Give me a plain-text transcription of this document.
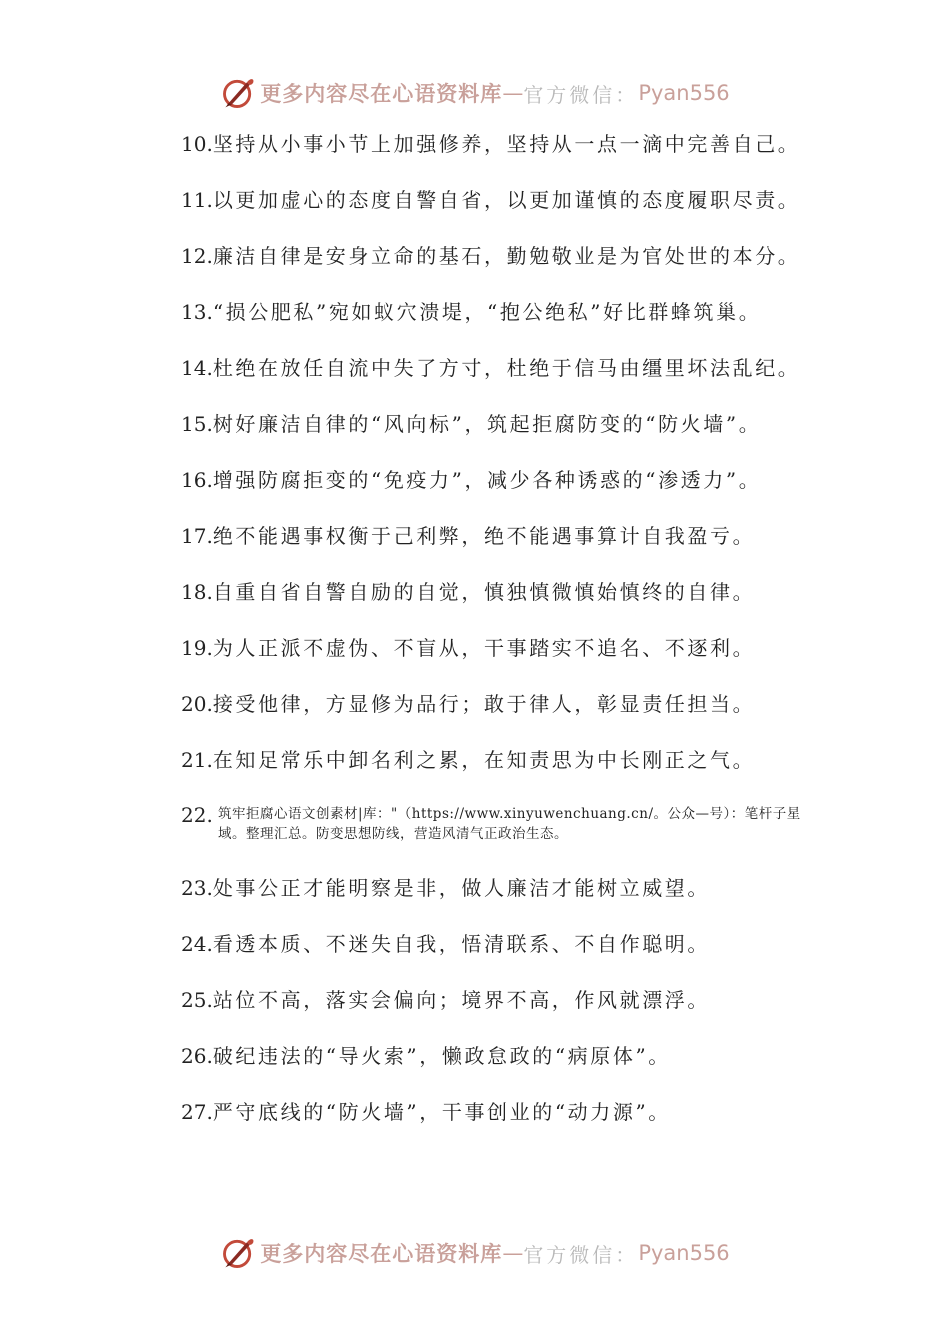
更多内容尽在心语资料库 — 官方微信： Pyan556
10.坚持从小事小节上加强修养，坚持从一点一滴中完善自己。
11.以更加虚心的态度自警自省，以更加谨慎的态度履职尽责。
12.廉洁自律是安身立命的基石，勤勉敬业是为官处世的本分。
13.“损公肥私”宛如蚁穴溃堤，“抱公绝私”好比群蜂筑巢。
14.杜绝在放任自流中失了方寸，杜绝于信马由缰里坏法乱纪。
15.树好廉洁自律的“风向标”，筑起拒腐防变的“防火墙”。
16.增强防腐拒变的“免疫力”，减少各种诱惑的“渗透力”。
17.绝不能遇事权衡于己利弊，绝不能遇事算计自我盈亏。
18.自重自省自警自励的自觉，慎独慎微慎始慎终的自律。
19.为人正派不虚伪、不盲从，干事踏实不追名、不逐利。
20.接受他律，方显修为品行；敢于律人，彰显责任担当。
21.在知足常乐中卸名利之累，在知责思为中长刚正之气。
22. 筑牢拒腐心语文创素材|库："（https://www.xinyuwenchuang.cn/。公众—号）：笔杆子星域。整理汇总。防变思想防线，营造风清气正政治生态。
23.处事公正才能明察是非，做人廉洁才能树立威望。
24.看透本质、不迷失自我，悟清联系、不自作聪明。
25.站位不高，落实会偏向；境界不高，作风就漂浮。
26.破纪违法的“导火索”，懒政怠政的“病原体”。
27.严守底线的“防火墙”，干事创业的“动力源”。
更多内容尽在心语资料库 — 官方微信： Pyan556
